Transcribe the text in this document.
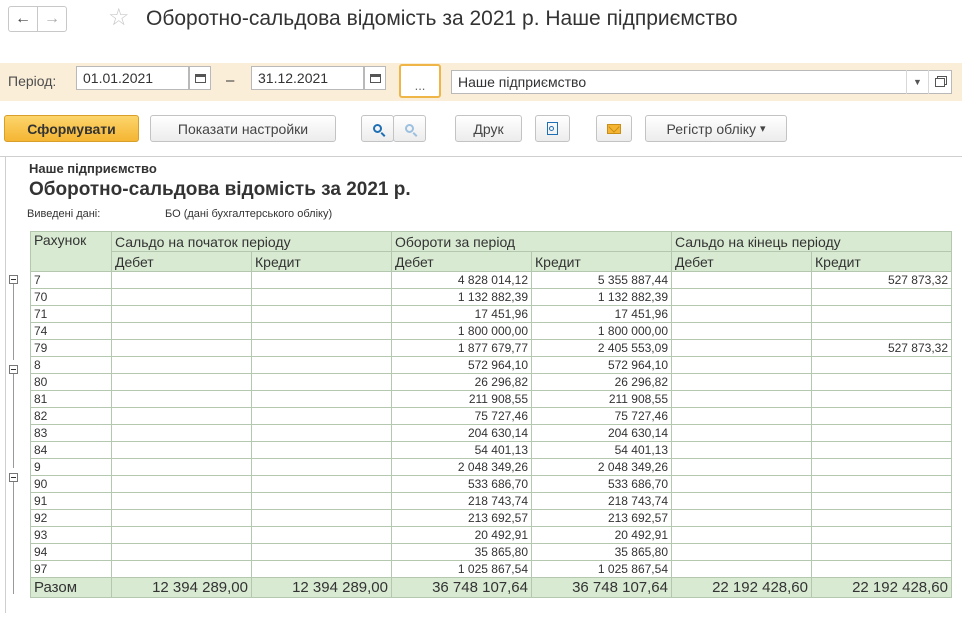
← → ☆ Оборотно-сальдова відомість за 2021 р. Наше підприємство
Період:	01.01.2021	–	31.12.2021	...	Наше підприємство	▼
Сформувати	Показати настройки	Друк	Регістр обліку
▾
Наше підприємство
Оборотно-сальдова відомість за 2021 р.
Виведені дані:	БО (дані бухгалтерського обліку)
Рахунок	Сальдо на початок періоду		Обороти за період		Сальдо на кінець періоду	
	Дебет	Кредит	Дебет	Кредит	Дебет	Кредит
7			4 828 014,12	5 355 887,44		527 873,32
70			1 132 882,39	1 132 882,39		
71			17 451,96	17 451,96		
74			1 800 000,00	1 800 000,00		
79			1 877 679,77	2 405 553,09		527 873,32
8			572 964,10	572 964,10		
80			26 296,82	26 296,82		
81			211 908,55	211 908,55		
82			75 727,46	75 727,46		
83			204 630,14	204 630,14		
84			54 401,13	54 401,13		
9			2 048 349,26	2 048 349,26		
90			533 686,70	533 686,70		
91			218 743,74	218 743,74		
92			213 692,57	213 692,57		
93			20 492,91	20 492,91		
94			35 865,80	35 865,80		
97			1 025 867,54	1 025 867,54		
Разом	12 394 289,00	12 394 289,00	36 748 107,64	36 748 107,64	22 192 428,60	22 192 428,60
